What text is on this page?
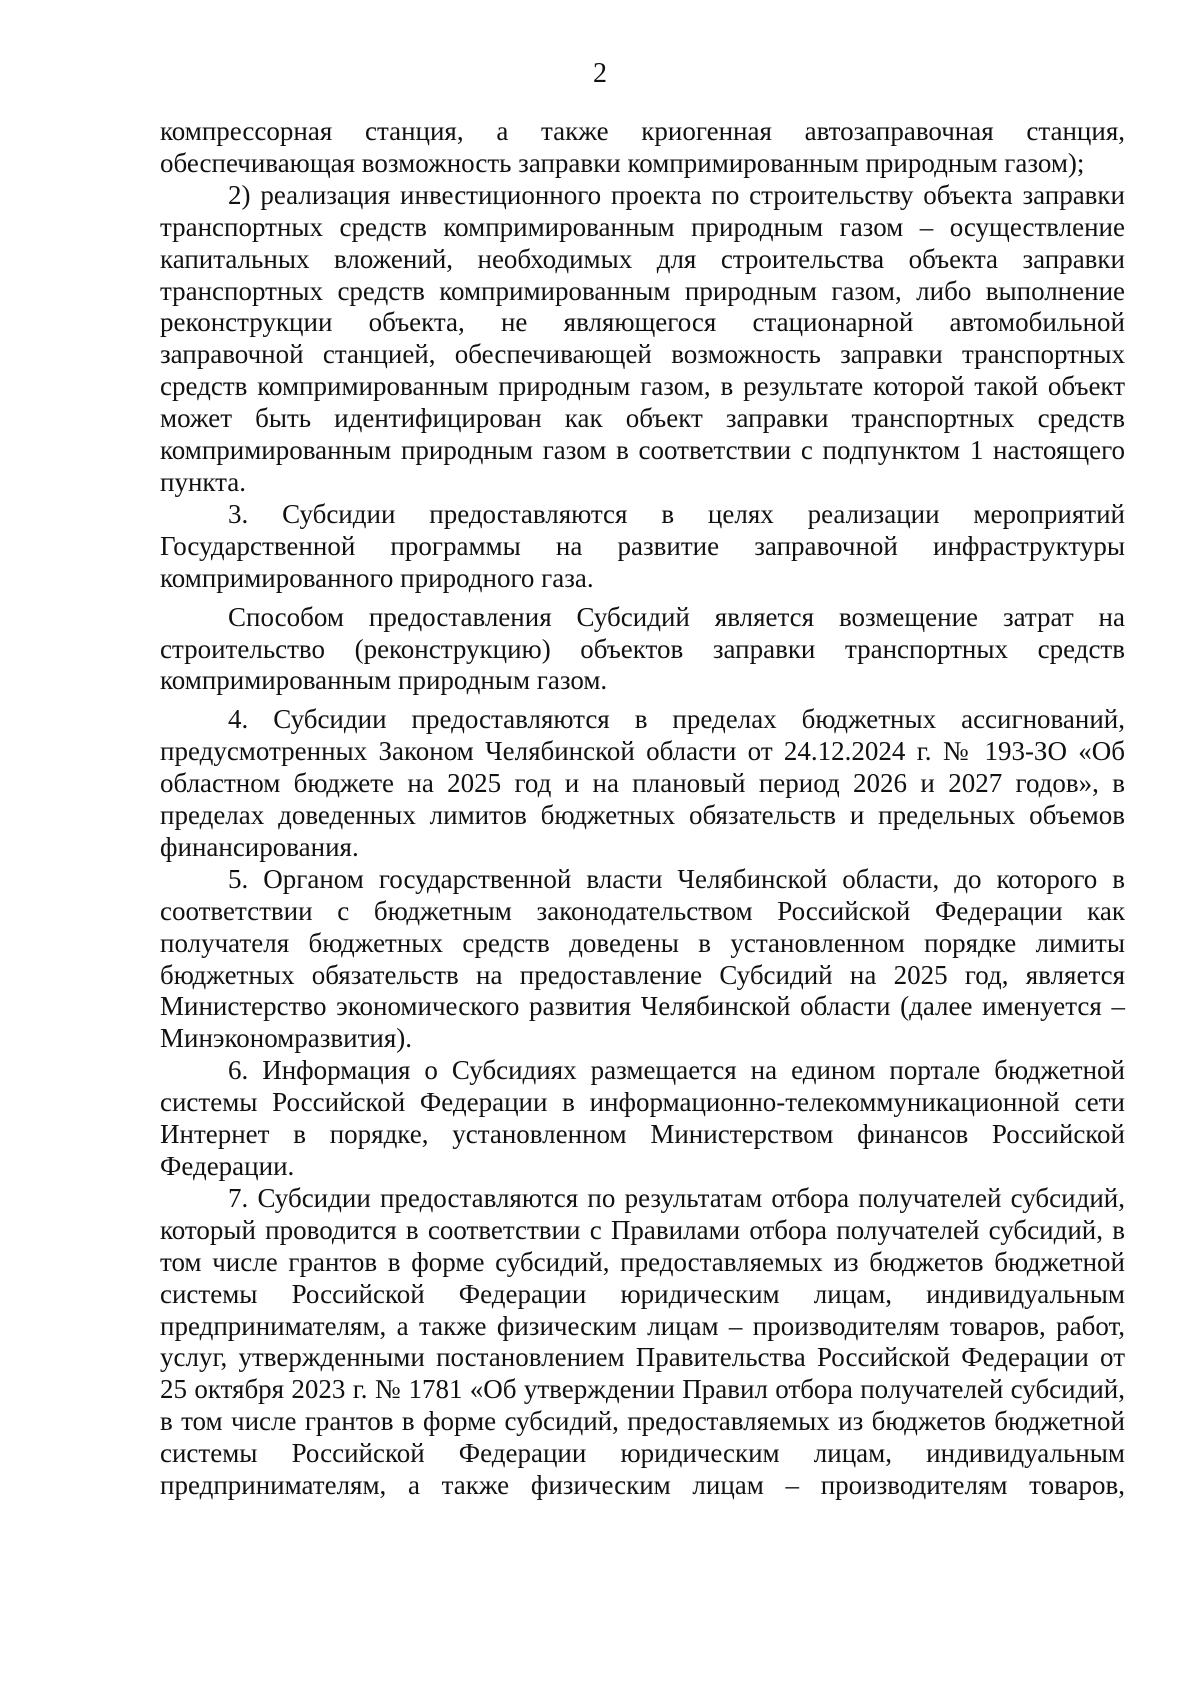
2

компрессорная станция, а также криогенная автозаправочная станция, обеспечивающая возможность заправки компримированным природным газом);

2) реализация инвестиционного проекта по строительству объекта заправки транспортных средств компримированным природным газом – осуществление капитальных вложений, необходимых для строительства объекта заправки транспортных средств компримированным природным газом, либо выполнение реконструкции объекта, не являющегося стационарной автомобильной заправочной станцией, обеспечивающей возможность заправки транспортных средств компримированным природным газом, в результате которой такой объект может быть идентифицирован как объект заправки транспортных средств компримированным природным газом в соответствии с подпунктом 1 настоящего пункта.

3. Субсидии предоставляются в целях реализации мероприятий Государственной программы на развитие заправочной инфраструктуры компримированного природного газа.

Способом предоставления Субсидий является возмещение затрат на строительство (реконструкцию) объектов заправки транспортных средств компримированным природным газом.

4. Субсидии предоставляются в пределах бюджетных ассигнований, предусмотренных Законом Челябинской области от 24.12.2024 г. № 193-ЗО «Об областном бюджете на 2025 год и на плановый период 2026 и 2027 годов», в пределах доведенных лимитов бюджетных обязательств и предельных объемов финансирования.

5. Органом государственной власти Челябинской области, до которого в соответствии с бюджетным законодательством Российской Федерации как получателя бюджетных средств доведены в установленном порядке лимиты бюджетных обязательств на предоставление Субсидий на 2025 год, является Министерство экономического развития Челябинской области (далее именуется – Минэкономразвития).

6. Информация о Субсидиях размещается на едином портале бюджетной системы Российской Федерации в информационно-телекоммуникационной сети Интернет в порядке, установленном Министерством финансов Российской Федерации.

7. Субсидии предоставляются по результатам отбора получателей субсидий, который проводится в соответствии с Правилами отбора получателей субсидий, в том числе грантов в форме субсидий, предоставляемых из бюджетов бюджетной системы Российской Федерации юридическим лицам, индивидуальным предпринимателям, а также физическим лицам – производителям товаров, работ, услуг, утвержденными постановлением Правительства Российской Федерации от 25 октября 2023 г. № 1781 «Об утверждении Правил отбора получателей субсидий, в том числе грантов в форме субсидий, предоставляемых из бюджетов бюджетной системы Российской Федерации юридическим лицам, индивидуальным предпринимателям, а также физическим лицам – производителям товаров,
